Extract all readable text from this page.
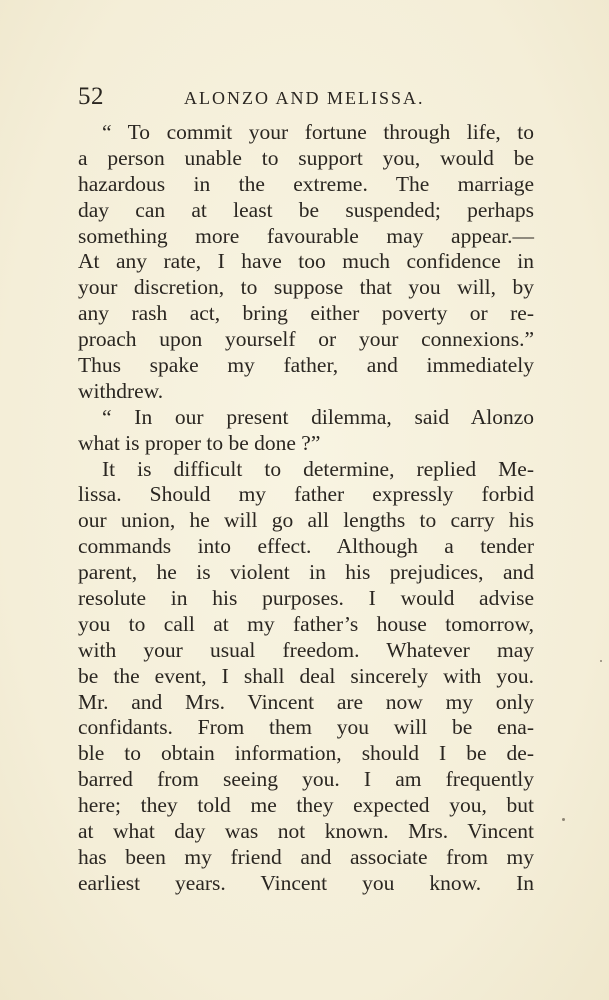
52	ALONZO AND MELISSA.
“ To commit your fortune through life, to
a person unable to support you, would be
hazardous in the extreme. The marriage
day can at least be suspended; perhaps
something more favourable may appear.—
At any rate, I have too much confidence in
your discretion, to suppose that you will, by
any rash act, bring either poverty or re-
proach upon yourself or your connexions.”
Thus spake my father, and immediately
withdrew.
“ In our present dilemma, said Alonzo
what is proper to be done ?”
It is difficult to determine, replied Me-
lissa. Should my father expressly forbid
our union, he will go all lengths to carry his
commands into effect. Although a tender
parent, he is violent in his prejudices, and
resolute in his purposes. I would advise
you to call at my father’s house tomorrow,
with your usual freedom. Whatever may
be the event, I shall deal sincerely with you.
Mr. and Mrs. Vincent are now my only
confidants. From them you will be ena-
ble to obtain information, should I be de-
barred from seeing you. I am frequently
here; they told me they expected you, but
at what day was not known. Mrs. Vincent
has been my friend and associate from my
earliest years. Vincent you know. In
